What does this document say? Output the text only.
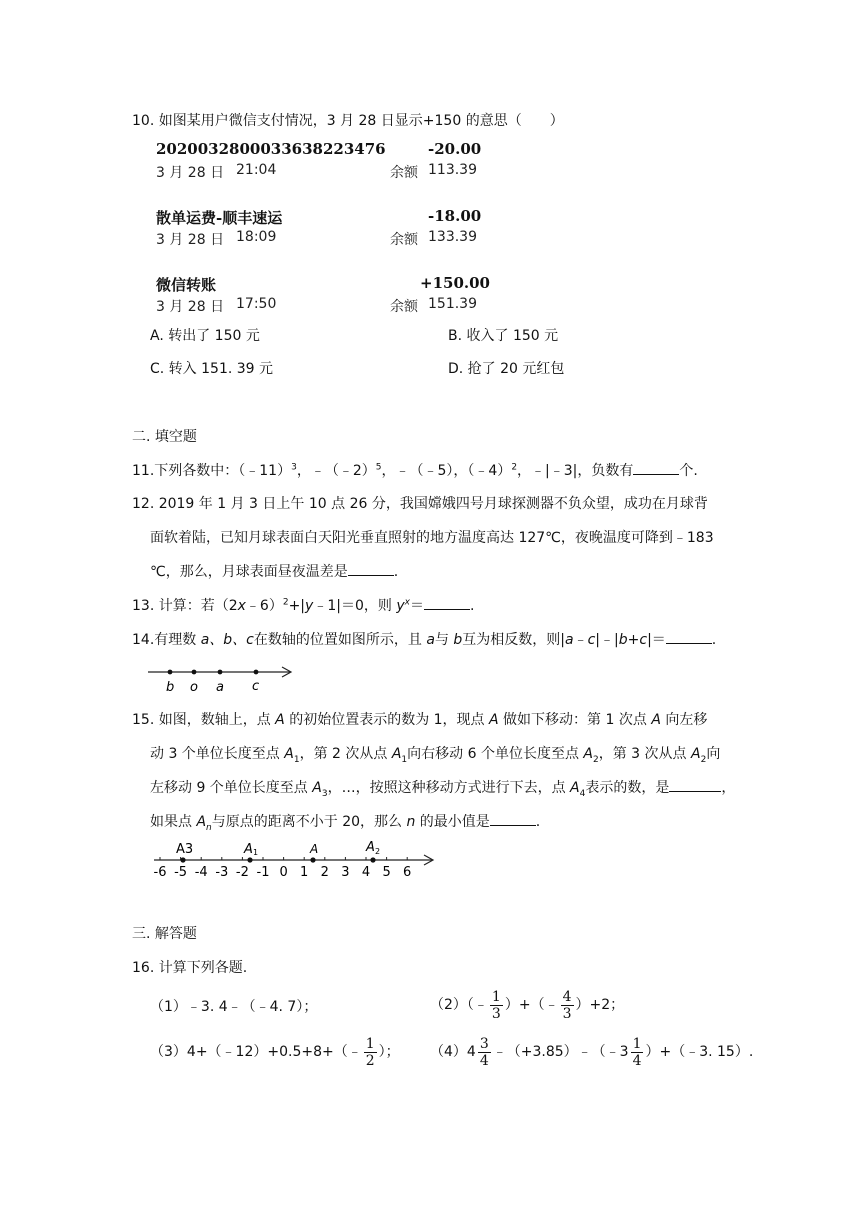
10. 如图某用户微信支付情况，3 月 28 日显示+150 的意思（　　）
2020032800033638223476	-20.00
3 月 28 日 21:04	余额 113.39
散单运费-顺丰速运	-18.00
3 月 28 日 18:09	余额 133.39
微信转账	+150.00
3 月 28 日 17:50	余额 151.39
A. 转出了 150 元	B. 收入了 150 元
C. 转入 151. 39 元	D. 抢了 20 元红包
二. 填空题
11.下列各数中：（﹣11）$^3$，﹣（﹣2）$^5$，﹣（﹣5），（﹣4）$^2$，﹣|﹣3|，负数有	个.
12. 2019 年 1 月 3 日上午 10 点 26 分，我国嫦娥四号月球探测器不负众望，成功在月球背
面软着陆，已知月球表面白天阳光垂直照射的地方温度高达 127℃，夜晚温度可降到﹣183
℃，那么，月球表面昼夜温差是	.
13. 计算：若（2x﹣6）$^2$+|y﹣1|＝0，则 $y^x=$	.
14.有理数 a、b、c在数轴的位置如图所示，且 a与 b互为相反数，则|a﹣c|﹣|b+c|＝	.
b o a c
15. 如图，数轴上，点 A 的初始位置表示的数为 1，现点 A 做如下移动：第 1 次点 A 向左移
动 3 个单位长度至点 $A_1$，第 2 次从点 $A_1$向右移动 6 个单位长度至点 $A_2$，第 3 次从点 $A_2$向
左移动 9 个单位长度至点 $A_3$，…，按照这种移动方式进行下去，点 $A_4$表示的数，是	，
如果点 $A_n$与原点的距离不小于 20，那么 n 的最小值是	.
-6 -5 -4 -3 -2 -1 0 1 2 3 4 5 6
A3	A 1	A	A 2
三. 解答题
16. 计算下列各题.
（1）﹣3. 4﹣（﹣4. 7）；	（2）（﹣ $\frac{1}{3}$ ）+（﹣ $\frac{4}{3} )+2$；
（3）4+（﹣12）+0.5+8+（﹣ $\frac{1}{2}$ ）； $(4)4 \frac{3}{4}$ ﹣（+3.85）﹣（﹣3 $\frac{1}{4}$ ）+（﹣3. 15）.
